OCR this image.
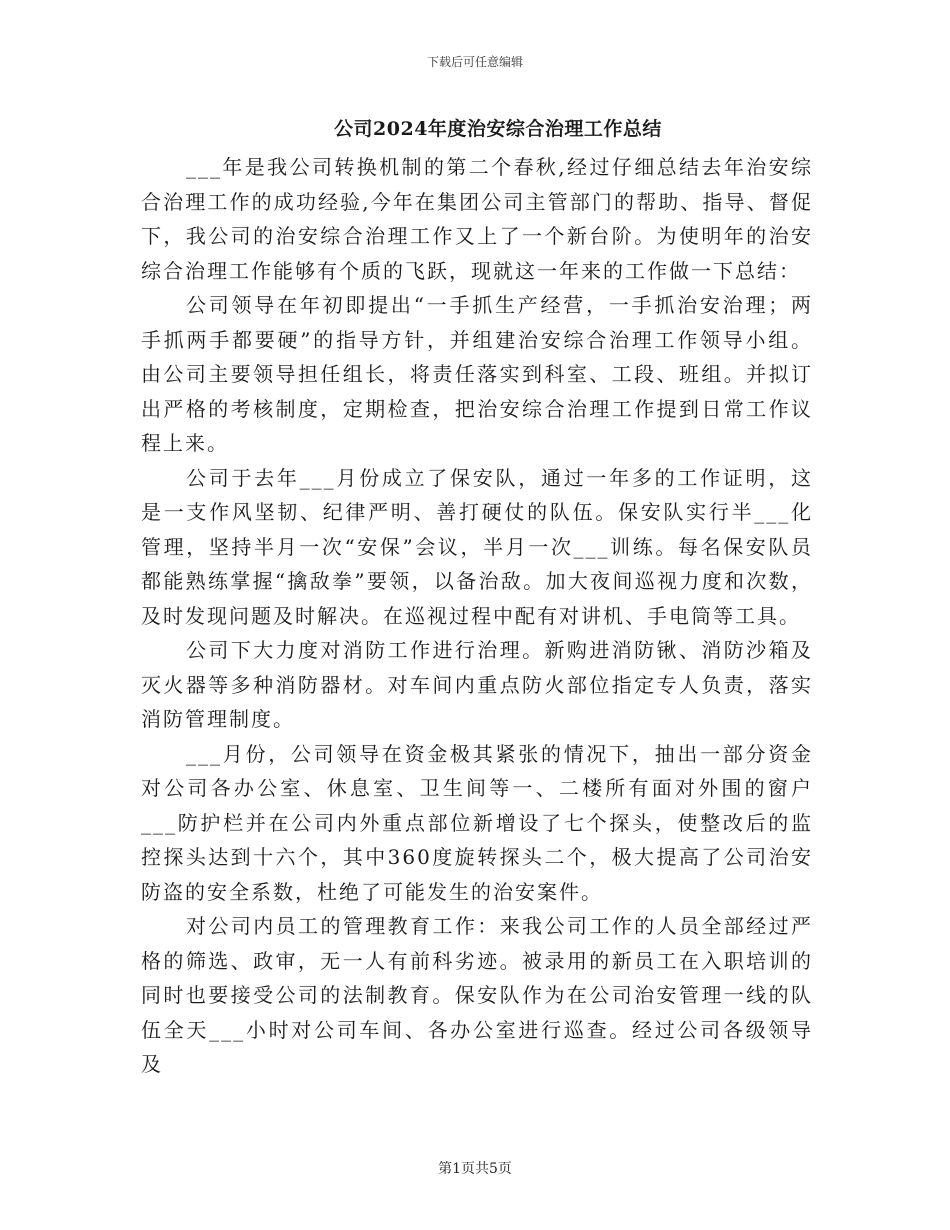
下载后可任意编辑
公司2024年度治安综合治理工作总结

___年是我公司转换机制的第二个春秋,经过仔细总结去年治安综合治理工作的成功经验,今年在集团公司主管部门的帮助、指导、督促下，我公司的治安综合治理工作又上了一个新台阶。为使明年的治安综合治理工作能够有个质的飞跃，现就这一年来的工作做一下总结：

公司领导在年初即提出“一手抓生产经营，一手抓治安治理；两手抓两手都要硬”的指导方针，并组建治安综合治理工作领导小组。由公司主要领导担任组长，将责任落实到科室、工段、班组。并拟订出严格的考核制度，定期检查，把治安综合治理工作提到日常工作议程上来。

公司于去年___月份成立了保安队，通过一年多的工作证明，这是一支作风坚韧、纪律严明、善打硬仗的队伍。保安队实行半___化管理，坚持半月一次“安保”会议，半月一次___训练。每名保安队员都能熟练掌握“擒敌拳”要领，以备治敌。加大夜间巡视力度和次数，及时发现问题及时解决。在巡视过程中配有对讲机、手电筒等工具。

公司下大力度对消防工作进行治理。新购进消防锹、消防沙箱及灭火器等多种消防器材。对车间内重点防火部位指定专人负责，落实消防管理制度。

___月份，公司领导在资金极其紧张的情况下，抽出一部分资金对公司各办公室、休息室、卫生间等一、二楼所有面对外围的窗户___防护栏并在公司内外重点部位新增设了七个探头，使整改后的监控探头达到十六个，其中360度旋转探头二个，极大提高了公司治安防盗的安全系数，杜绝了可能发生的治安案件。

对公司内员工的管理教育工作：来我公司工作的人员全部经过严格的筛选、政审，无一人有前科劣迹。被录用的新员工在入职培训的同时也要接受公司的法制教育。保安队作为在公司治安管理一线的队伍全天___小时对公司车间、各办公室进行巡查。经过公司各级领导及

第1页共5页
